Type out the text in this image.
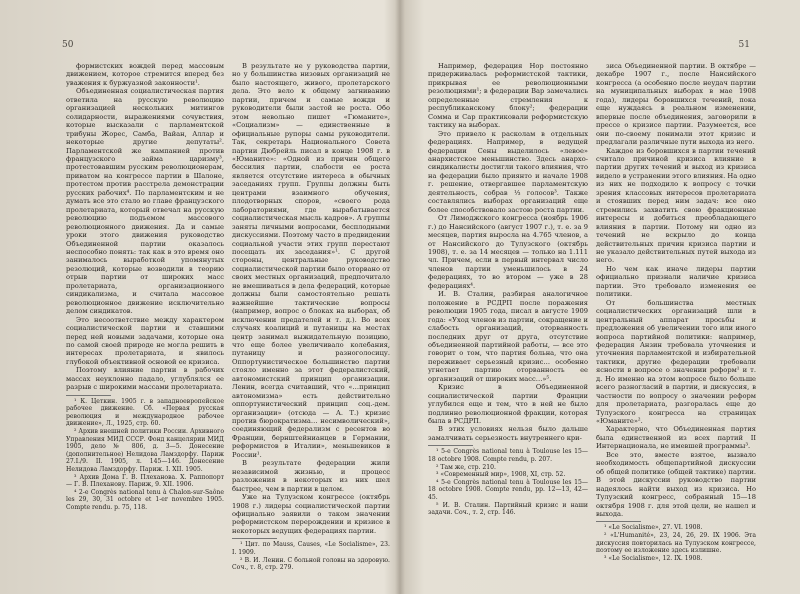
50

формистских вождей перед массовым движением, которое стремится вперед без уважения к буржуазной законности¹.

Объединенная социалистическая партия ответила на русскую революцию организацией нескольких митингов солидарности, выражениями сочувствия, которые высказали с парламентской трибуны Жорес, Самба, Вайан, Аллар и некоторые другие депутаты². Парламентской же кампанией против французского займа царизму³, протестовавшим русским революционерам, приватом на конгрессе партии в Шалоне, протестом против расстрела демонстрации русских рабочих⁴. По парламентским и не думать все это стало во главе французского пролетариата, который отвечал на русскую революцию подъемом массового революционного движения. Да и самые уроки этого движения руководство Объединенной партии оказалось неспособно понять: так как в это время оно занималось выработкой упомянутых резолюций, которые возводили в теорию отрыв партии от широких масс пролетариата, организационного синдикализма, и считала массовое революционное движение исключительно делом синдикатов.

Это несоответствие между характером социалистической партии и ставшими перед ней новыми задачами, которые она по самой своей природе не могла решить в интересах пролетариата, и явилось глубокой объективной основой ее кризиса.

Поэтому влияние партии в рабочих массах неуклонно падало, углублялся ее разрыв с широкими массами пролетариата.

¹ К. Цеткин. 1905 г. в западноевропейское рабочее движение. Сб. «Первая русская революция и международное рабочее движение», Л., 1925, стр. 60.

² Архив внешней политики России. Архивного Управления МИД СССР. Фонд канцелярии МИД 1905, дело № 806, д. 3—5. Донесение (дополнительное) Нелидова Ламздорфу. Париж 27.I./9. II. 1905, л. 145—146. Донесение Нелидова Ламздорфу. Париж. I. XII. 1905.

³ Архив Дома Г. В. Плеханова. X. Раппопорт — Г. В. Плеханову. Париж, 9. XII. 1906.

⁴ 2-e Congrès national tenu à Chalon-sur-Saône les 29, 30, 31 octobre et 1-er novembre 1905. Compte rendu. p. 75, 118.

В результате не у руководства партии, но у большинства низовых организаций не было настоящего, живого, пролетарского дела. Это вело к общему загниванию партии, причем и самые вожди и руководители были застой не роста. Обо этом невольно пишет «Гюманите», «Социализм» — единственные в официальные рупоры самы руководители. Так, секретарь Национального Совета партии Дюбрейль писал в конце 1908 г. в «Юманите»: «Одной из причин общего бессилия партии, слабости ее роста является отсутствие интереса в обычных заседаниях групп. Группы должны быть центрами взаимного обучения, плодотворных споров, «своего рода лабораториями, где вырабатывается социалистическая мысль кадров». А группы заняты личными вопросами, бесплодными дискуссиями. Поэтому часто в предвидении социальной участи этих групп перестают посещать их заседания»¹. С другой стороны, центральные руководство социалистической партии было оторвано от своих местных организаций, предпочитало не вмешиваться в дела федераций, которые должны были самостоятельно решать важнейшие тактические вопросы (например, вопрос о блоках на выборах, об исключении предателей и т. д.). Во всех случаях коалиций и путаницы на местах центр занимал выжидательную позицию, что еще более увеличивало колебания, путаницу и разноголосицу. Оппортунистическое большинство партии стояло именно за этот федералистский, автономистский принцип организации. Ленин, всегда считавший, что «…принцип автономизма» есть действительно оппортунистический принцип соц.-дем. организации» (отсюда — А. Т.) кризис против бюрократизма… несимволический», соединяющий федерализм с ресентов во Франции, бернштейнианцев в Германии, реформистов в Италии», меньшевиков в России¹.

В результате федерации жили независимой жизнью, и процесс разложения в некоторых из них шел быстрее, чем в партии в целом.

Уже на Тулузском конгрессе (октябрь 1908 г.) лидеры социалистической партии официально заявили о таком значении реформистском перерождении и кризисе в некоторых ведущих федерациях партии.

¹ Цит. по Mauss, Causes, «Le Socialisme», 23. I. 1909.

² В. И. Ленин. С больной головы на здоровую. Соч., т. 8, стр. 279.

51

Например, федерация Нор постоянно придерживалась реформистской тактики, прикрывая ее революционными резолюциями¹; в федерации Вар замечались определенные стремления к республиканскому блоку²; федерации Сомма и Сар практиковали реформистскую тактику на выборах.

Это привело к расколам в отдельных федерациях. Например, в ведущей федерации Сены выделилось «левое» анархистское меньшинство. Здесь анархо-синдикалисты достигли такого влияния, что на федерации было приянто и начале 1908 г. решение, отвергавшее парламентскую деятельность, собрав ⅓ голосов³. Также составлялись выборах организаций еще более способствовало застою роста партии.

От Лимоджского конгресса (ноябрь 1906 г.) до Нансийского (август 1907 г.), т. е. за 9 месяцев, партия выросла на 4.765 членов, а от Нансийского до Тулузского (октябрь 1908), т. е. за 14 месяцев — только на 1.111 чл. Причем, если в первый интервал число членов партии уменьшилось в 24 федерациях, то во втором — уже в 28 федерациях⁴.

И. В. Сталин, разбирая аналогичное положение в РСДРП после поражения революции 1905 года, писал в августе 1909 года: «Уход членов из партии, сокращение и слабость организаций, оторванность последних друг от друга, отсутствие объединенной партийной работы, — все это говорит о том, что партия больна, что она переживает серьезный кризис… особенно угнетает партию оторванность ее организаций от широких масс…»⁵.

Кризис в Объединенной социалистической партии Франции углубился еще и тем, что в ней не было подлинно революционной фракции, которая была в РСДРП.

В этих условиях нельзя было дальше замалчивать серьезность внутреннего кри-

¹ 5-e Congrès national tenu à Toulouse les 15—18 octobre 1908. Compte rendu, p. 207.

² Там же, стр. 210.

³ «Современный мир», 1908, XI, стр. 52.

⁴ 5-e Congrès national tenu à Toulouse les 15—18 octobre 1908. Compte rendu, pp. 12—13, 42—45.

⁵ И. В. Сталин. Партийный кризис и наши задачи. Соч., т. 2, стр. 146.

зиса Объединенной партии. В октябре — декабре 1907 г., после Нансийского конгресса (а особенно после неудач партии на муниципальных выборах в мае 1908 года), лидеры боровшихся течений, пока еще нуждаясь в реальном изменении, впервые после объединения, заговорили в прессе о кризисе партии. Разумеется, все они по-своему понимали этот кризис и предлагали различные пути выхода из него.

Каждое из боровшихся в партии течений считало причиной кризиса влияние в партии других течений и выход из кризиса видело в устранении этого влияния. На одно из них не подходило к вопросу с точки зрения классовых интересов пролетариата и стоявших перед ним задач: все оно стремились захватить свою фракционные интересы и добиться преобладающего влияния в партии. Потому ни одно из течений не вскрыло до конца действительных причин кризиса партии и не указало действительных путей выхода из него.

Но чем как иначе лидеры партии официально признали наличие кризиса партии. Это требовало изменения ее политики.

От большинства местных социалистических организаций шли в центральный аппарат просьбы и предложения об увеличении того или иного вопроса партийной политики: например, федерация Анзин требовала уточнения и уточнения парламентской и избирательной тактики, другие федерации требовали ясности в вопросе о значении реформ¹ и т. д. Но именно на этом вопросе было больше всего разногласий в партии, и дискуссия, в частности по вопросу о значении реформ для пролетариата, разгоралась еще до Тулузского конгресса на страницах «Юманите»².

Характерно, что Объединенная партия была единственной из всех партий II Интернационала, не имевшей программы³.

Все это, вместе взятое, вызвало необходимость общепартийной дискуссии об общей политике (общей тактике) партии. В этой дискуссии руководство партии надеялось найти выход из кризиса. Но Тулузский конгресс, собранный 15—18 октября 1908 г. для этой цели, не нашел и выхода.

¹ «Le Socialisme», 27. VI. 1908.

² «L'Humanité», 23, 24, 26, 29. IX 1906. Эта дискуссия повторилась на Тулузском конгрессе, поэтому ее изложение здесь излишне.

³ «Le Socialisme», 12. IX. 1908.
